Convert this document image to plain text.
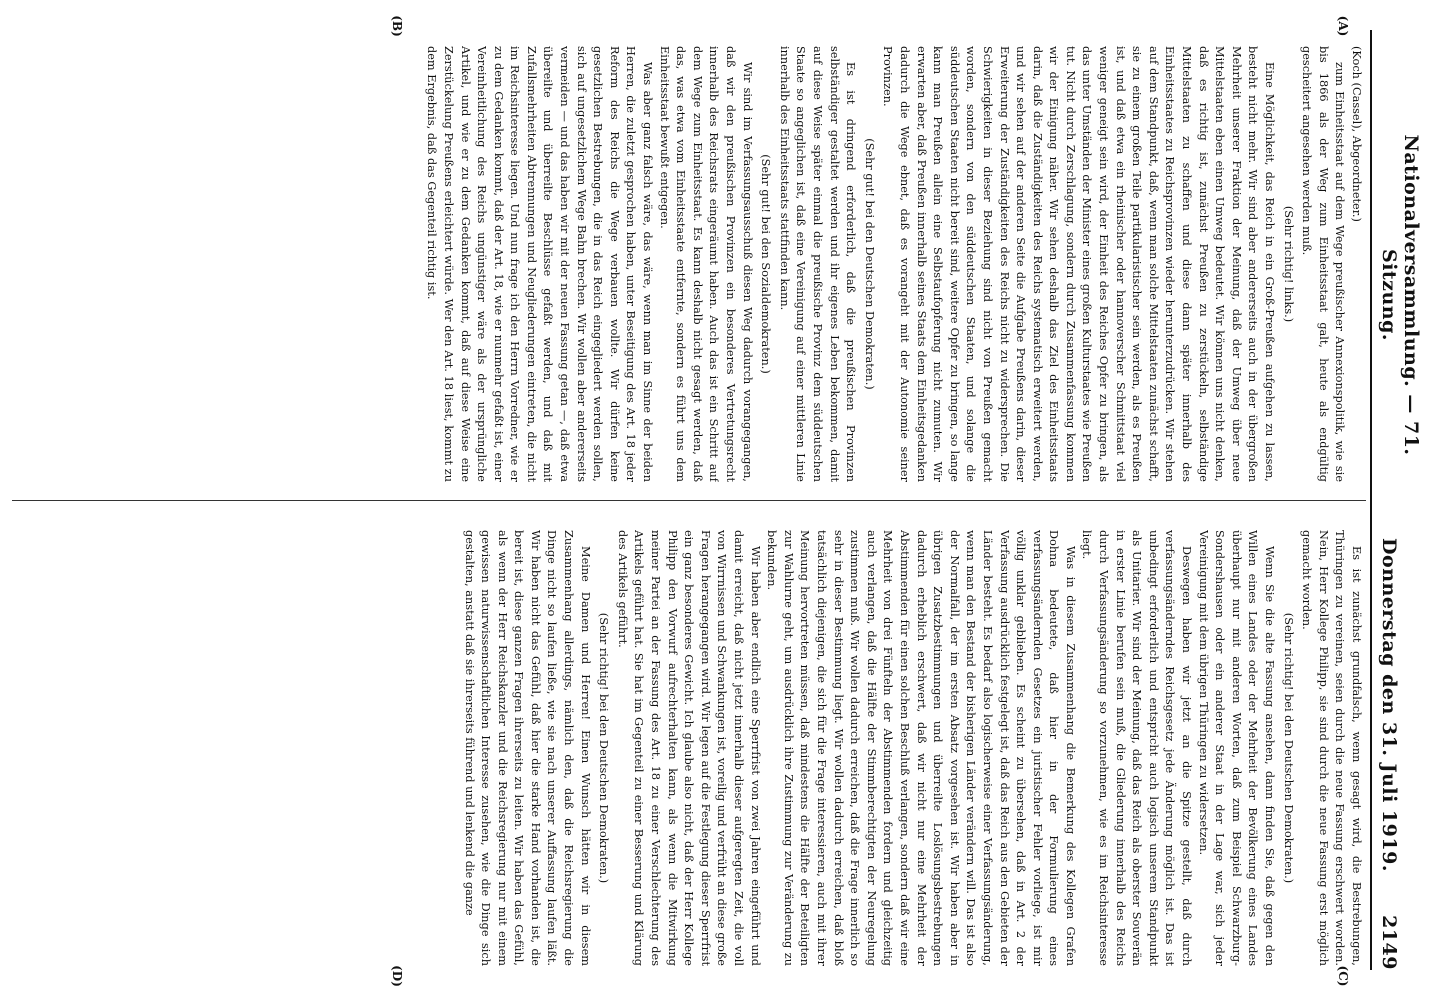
Nationalversammlung. — 71. Sitzung.
Donnerstag den 31. Juli 1919.
2149
(A)
(B)
(C)
(D)

(Koch (Cassel), Abgeordneter.)

zum Einheitsstaat auf dem Wege preußischer Annexionspolitik, wie sie bis 1866 als der Weg zum Einheitsstaat galt, heute als endgültig gescheitert angesehen werden muß.

(Sehr richtig! links.)

Eine Möglichkeit, das Reich in ein Groß-Preußen aufgehen zu lassen, besteht nicht mehr. Wir sind aber andererseits auch in der übergroßen Mehrheit unserer Fraktion der Meinung, daß der Umweg über neue Mittelstaaten eben einen Umweg bedeutet. Wir können uns nicht denken, daß es richtig ist, zunächst Preußen zu zerstückeln, selbständige Mittelstaaten zu schaffen und diese dann später innerhalb des Einheitsstaates zu Reichsprovinzen wieder herunterzudrücken. Wir stehen auf dem Standpunkt, daß, wenn man solche Mittelstaaten zunächst schafft, sie zu einem großen Teile partikularistischer sein werden, als es Preußen ist, und daß etwa ein rheinischer oder hannoverscher Schmittstaat viel weniger geneigt sein wird, der Einheit des Reiches Opfer zu bringen, als das unter Umständen der Minister eines großen Kulturstaates wie Preußen tut. Nicht durch Zerschlagung, sondern durch Zusammenfassung kommen wir der Einigung näher. Wir sehen deshalb das Ziel des Einheitsstaats darin, daß die Zuständigkeiten des Reichs systematisch erweitert werden, und wir sehen auf der anderen Seite die Aufgabe Preußens darin, dieser Erweiterung der Zuständigkeiten des Reichs nicht zu widersprechen. Die Schwierigkeiten in dieser Beziehung sind nicht von Preußen gemacht worden, sondern von den süddeutschen Staaten, und solange die süddeutschen Staaten nicht bereit sind, weitere Opfer zu bringen, so lange kann man Preußen allein eine Selbstaufopferung nicht zumuten. Wir erwarten aber, daß Preußen innerhalb seines Staats dem Einheitsgedanken dadurch die Wege ebnet, daß es vorangeht mit der Autonomie seiner Provinzen.

(Sehr gut! bei den Deutschen Demokraten.)

Es ist dringend erforderlich, daß die preußischen Provinzen selbständiger gestaltet werden und ihr eigenes Leben bekommen, damit auf diese Weise später einmal die preußische Provinz dem süddeutschen Staate so angeglichen ist, daß eine Vereinigung auf einer mittleren Linie innerhalb des Einheitsstaats stattfinden kann.

(Sehr gut! bei den Sozialdemokraten.)

Wir sind im Verfassungsausschuß diesen Weg dadurch vorangegangen, daß wir den preußischen Provinzen ein besonderes Vertretungsrecht innerhalb des Reichsrats eingeräumt haben. Auch das ist ein Schritt auf dem Wege zum Einheitsstaat. Es kann deshalb nicht gesagt werden, daß das, was etwa vom Einheitsstaate entfernte, sondern es führt uns dem Einheitsstaat bewußt entgegen.

Was aber ganz falsch wäre, das wäre, wenn man im Sinne der beiden Herren, die zuletzt gesprochen haben, unter Beseitigung des Art. 18 jeder Reform des Reichs die Wege verbauen wollte. Wir dürfen keine gesetzlichen Bestrebungen, die in das Reich eingegliedert werden sollen, sich auf ungesetzlichem Wege Bahn brechen. Wir wollen aber andererseits vermeiden — und das haben wir mit der neuen Fassung getan —, daß etwa übereilte und überreilte Beschlüsse gefaßt werden, und daß mit Zufallsmehrheiten Abtrennungen und Neugliederungen eintreten, die nicht im Reichsinteresse liegen. Und nun frage ich den Herrn Vorredner, wie er zu dem Gedanken kommt, daß der Art. 18, wie er nunmehr gefaßt ist, einer Vereinheitlichung des Reichs ungünstiger wäre als der ursprüngliche Artikel, und wie er zu dem Gedanken kommt, daß auf diese Weise eine Zerstückelung Preußens erleichtert würde. Wer den Art. 18 liest, kommt zu dem Ergebnis, daß das Gegenteil richtig ist.

Es ist zunächst grundfalsch, wenn gesagt wird, die Bestrebungen, Thüringen zu vereinen, seien durch die neue Fassung erschwert worden. Nein, Herr Kollege Philipp, sie sind durch die neue Fassung erst möglich gemacht worden.

(Sehr richtig! bei den Deutschen Demokraten.)

Wenn Sie die alte Fassung ansehen, dann finden Sie, daß gegen den Willen eines Landes oder der Mehrheit der Bevölkerung eines Landes überhaupt nur mit anderen Worten, daß zum Beispiel Schwarzburg-Sondershausen oder ein anderer Staat in der Lage war, sich jeder Vereinigung mit dem übrigen Thüringen zu widersetzen.

Deswegen haben wir jetzt an die Spitze gestellt, daß durch verfassungsänderndes Reichsgesetz jede Änderung möglich ist. Das ist unbedingt erforderlich und entspricht auch logisch unserem Standpunkt als Unitarier. Wir sind der Meinung, daß das Reich als oberster Souverän in erster Linie berufen sein muß, die Gliederung innerhalb des Reichs durch Verfassungsänderung so vorzunehmen, wie es im Reichsinteresse liegt.

Was in diesem Zusammenhang die Bemerkung des Kollegen Grafen Dohna bedeutete, daß hier in der Formulierung eines verfassungsändernden Gesetzes ein juristischer Fehler vorliege, ist mir völlig unklar geblieben. Es scheint zu übersehen, daß in Art. 2 der Verfassung ausdrücklich festgelegt ist, daß das Reich aus den Gebieten der Länder besteht. Es bedarf also logischerweise einer Verfassungsänderung, wenn man den Bestand der bisherigen Länder verändern will. Das ist also der Normalfall, der im ersten Absatz vorgesehen ist. Wir haben aber in übrigen Zusatzbestimmungen und überreilte Loslösungsbestrebungen dadurch erheblich erschwert, daß wir nicht nur eine Mehrheit der Abstimmenden für einen solchen Beschluß verlangen, sondern daß wir eine Mehrheit von drei Fünfteln der Abstimmenden fordern und gleichzeitig auch verlangen, daß die Hälfte der Stimmberechtigten der Neuregelung zustimmen muß. Wir wollen dadurch erreichen, daß die Frage innerlich so sehr in dieser Bestimmung liegt. Wir wollen dadurch erreichen, daß bloß tatsächlich diejenigen, die sich für die Frage interessieren, auch mit ihrer Meinung hervortreten müssen, daß mindestens die Hälfte der Beteiligten zur Wahlurne geht, um ausdrücklich ihre Zustimmung zur Veränderung zu bekunden.

Wir haben aber endlich eine Sperrfrist von zwei Jahren eingeführt und damit erreicht, daß nicht jetzt innerhalb dieser aufgeregten Zeit, die voll von Wirrnissen und Schwankungen ist, voreilig und verfrüht an diese große Fragen herangegangen wird. Wir legen auf die Festlegung dieser Sperrfrist ein ganz besonderes Gewicht. Ich glaube also nicht, daß der Herr Kollege Philipp den Vorwurf aufrechterhalten kann, als wenn die Mitwirkung meiner Partei an der Fassung des Art. 18 zu einer Verschlechterung des Artikels geführt hat. Sie hat im Gegenteil zu einer Besserung und Klärung des Artikels geführt.

(Sehr richtig! bei den Deutschen Demokraten.)

Meine Damen und Herren! Einen Wunsch hätten wir in diesem Zusammenhang allerdings, nämlich den, daß die Reichsregierung die Dinge nicht so laufen ließe, wie sie nach unserer Auffassung laufen läßt. Wir haben nicht das Gefühl, daß hier die starke Hand vorhanden ist, die bereit ist, diese ganzen Fragen ihrerseits zu leiten. Wir haben das Gefühl, als wenn der Herr Reichskanzler und die Reichsregierung nur mit einem gewissen naturwissenschaftlichen Interesse zusehen, wie die Dinge sich gestalten, anstatt daß sie ihrerseits führend und lenkend die ganze
